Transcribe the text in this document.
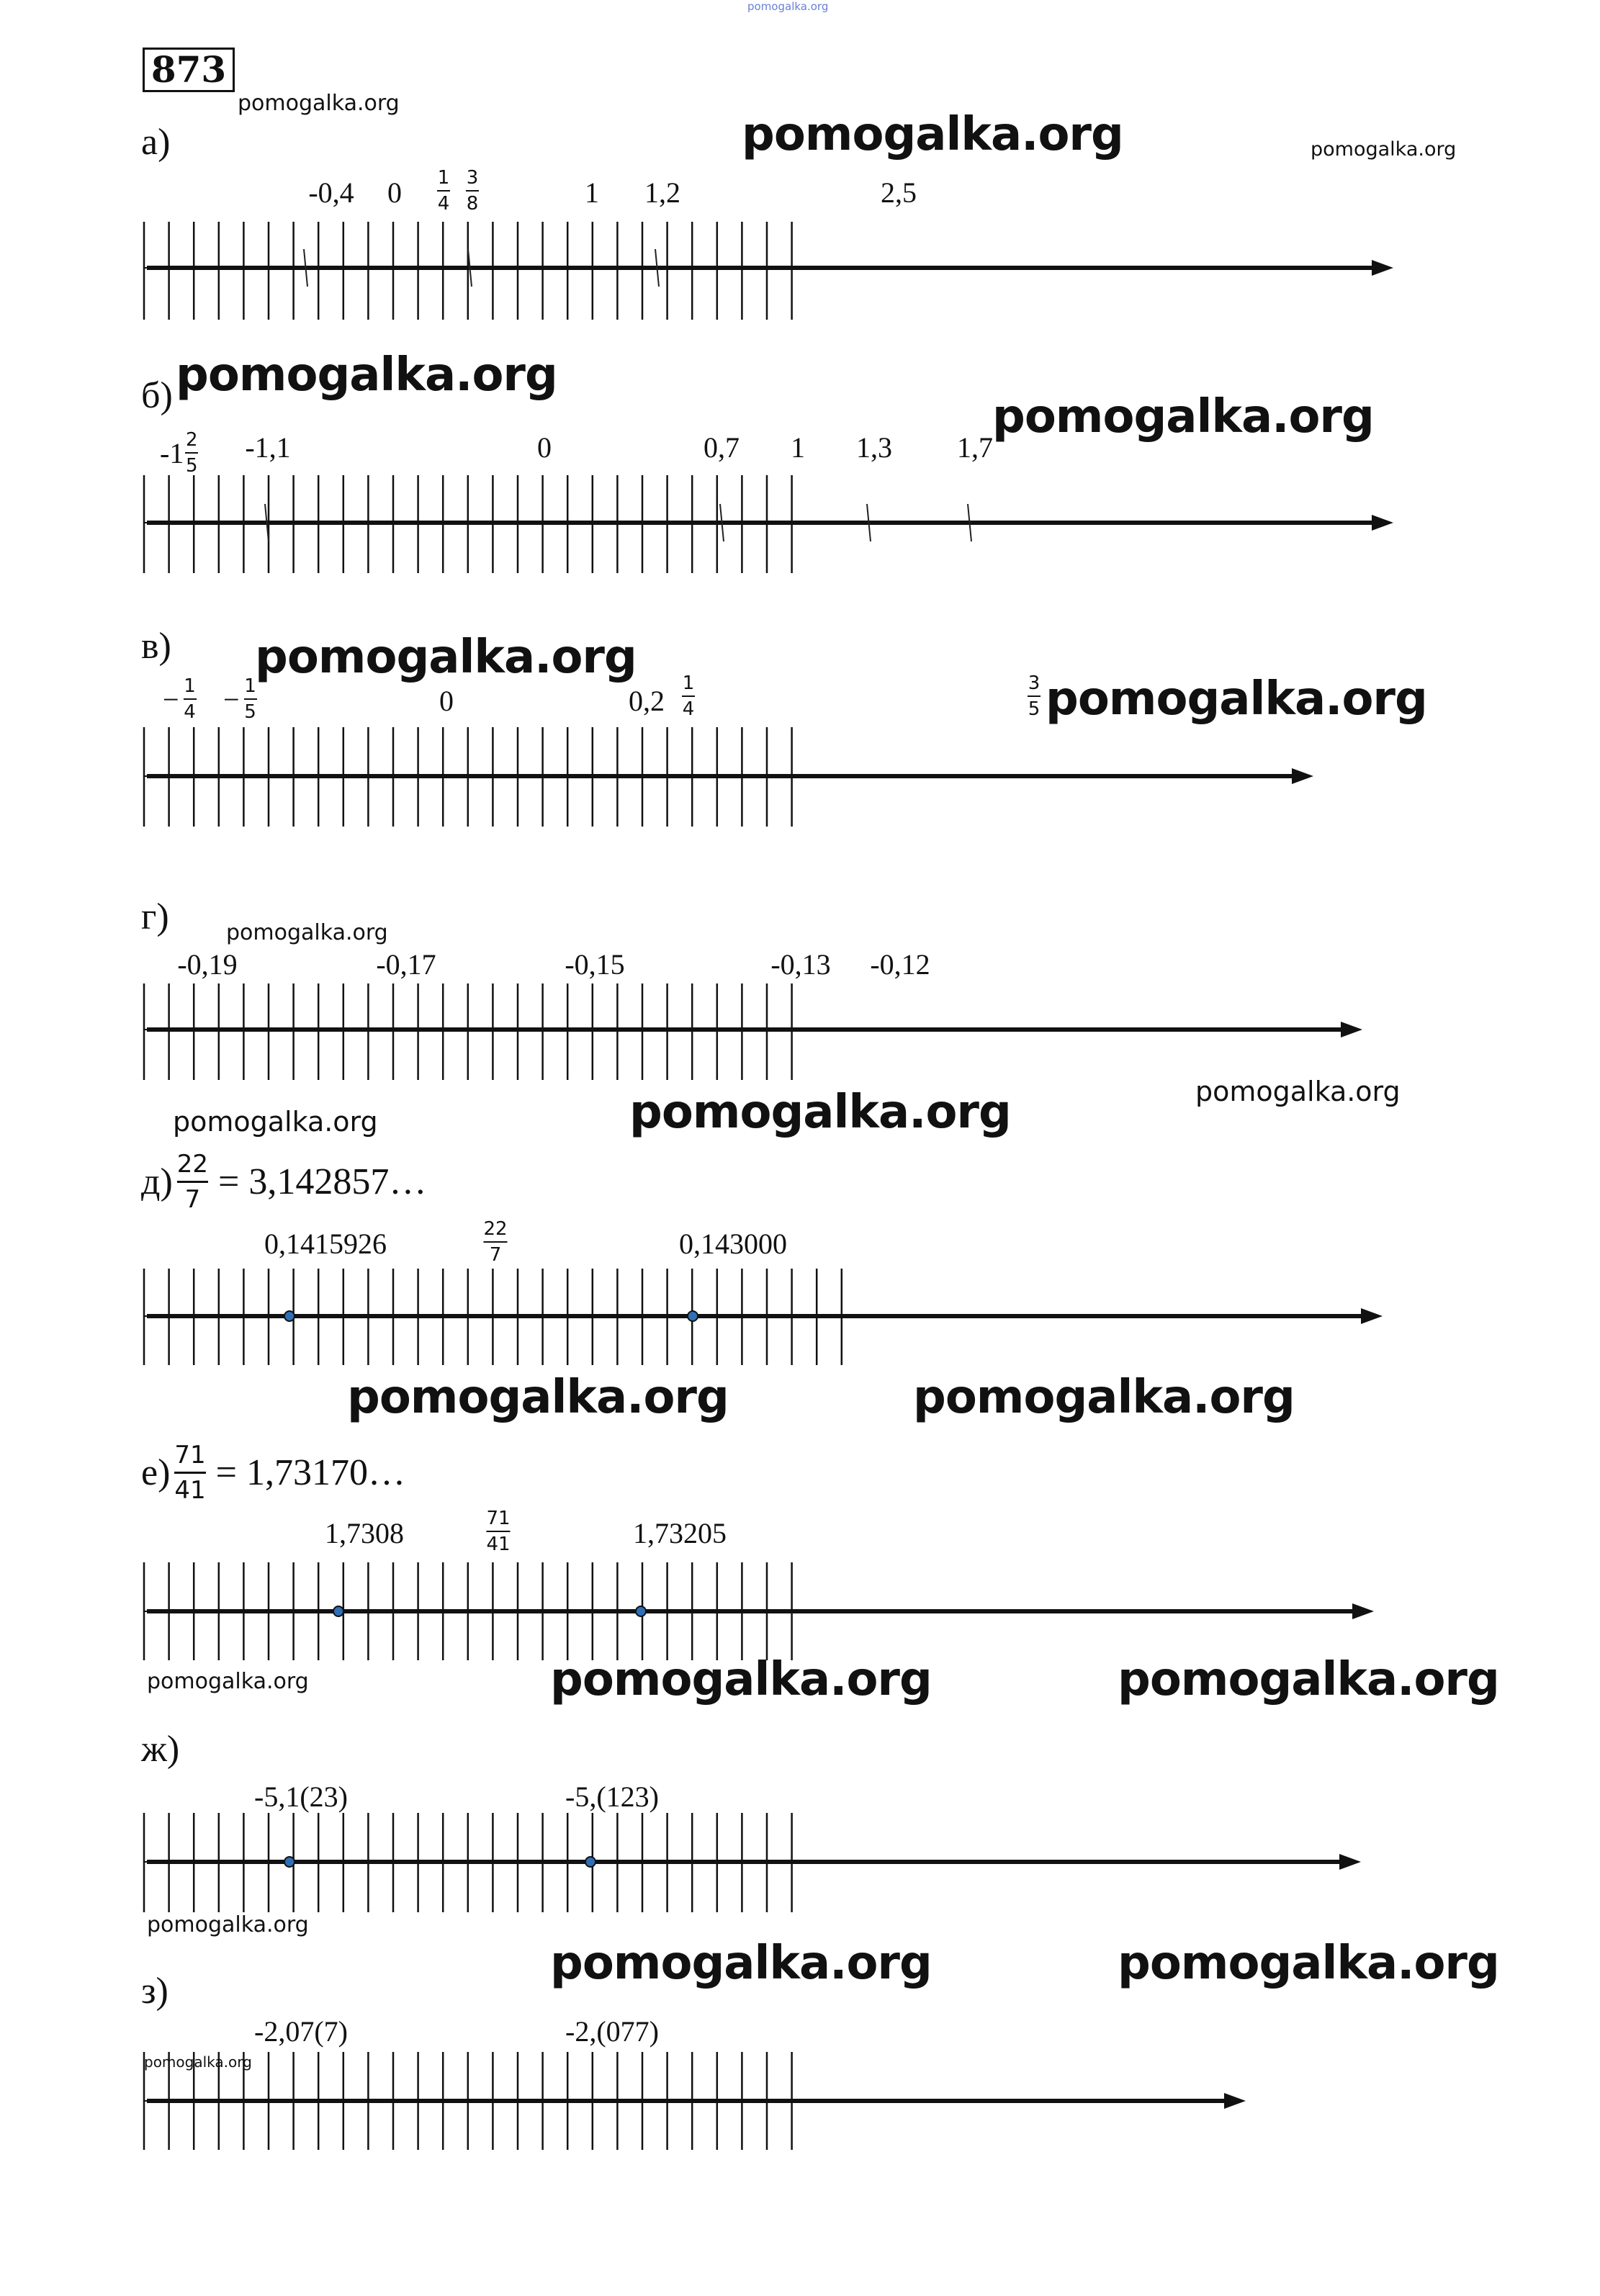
pomogalka.org
873
pomogalka.org
pomogalka.org	pomogalka.org
pomogalka.org
pomogalka.org
pomogalka.org
pomogalka.org
pomogalka.org
pomogalka.org	pomogalka.org	pomogalka.org
pomogalka.org	pomogalka.org
pomogalka.org	pomogalka.org	pomogalka.org
pomogalka.org
pomogalka.org	pomogalka.org
pomogalka.org
а)
-0,4 0 1
4
3
8	1 1,2	2,5
б)
$-1 \frac{2}{5} -1,1$	0	0,7 1 1,3 1,7
в)
− $\frac{1}{4} - \frac{1}{5}$	0	0,2
1
4
3
5
г)
-0,19	-0,17	-0,15	-0,13 -0,12
$д) \frac{22}{7}$ = 3,142857…
0,1415926	22
7	0,143000
$е) \frac{71}{41}$ = 1,73170…
1,7308	71
41	1,73205
ж)
-5,1(23)	-5,(123)
з)
-2,07(7)	-2,(077)
